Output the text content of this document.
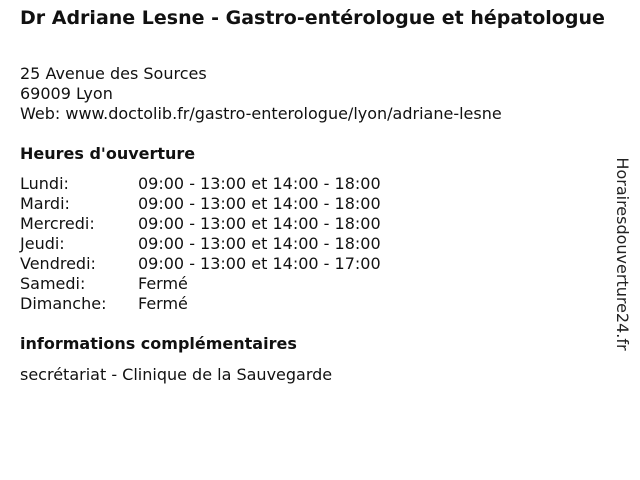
Dr Adriane Lesne - Gastro-entérologue et hépatologue
25 Avenue des Sources
69009 Lyon
Web: www.doctolib.fr/gastro-enterologue/lyon/adriane-lesne
Heures d'ouverture
Lundi:	09:00 - 13:00 et 14:00 - 18:00
Mardi:	09:00 - 13:00 et 14:00 - 18:00
Mercredi:	09:00 - 13:00 et 14:00 - 18:00
Jeudi:	09:00 - 13:00 et 14:00 - 18:00
Vendredi:	09:00 - 13:00 et 14:00 - 17:00
Samedi:	Fermé
Dimanche:	Fermé
informations complémentaires
secrétariat - Clinique de la Sauvegarde
Horairesdouverture24.fr
